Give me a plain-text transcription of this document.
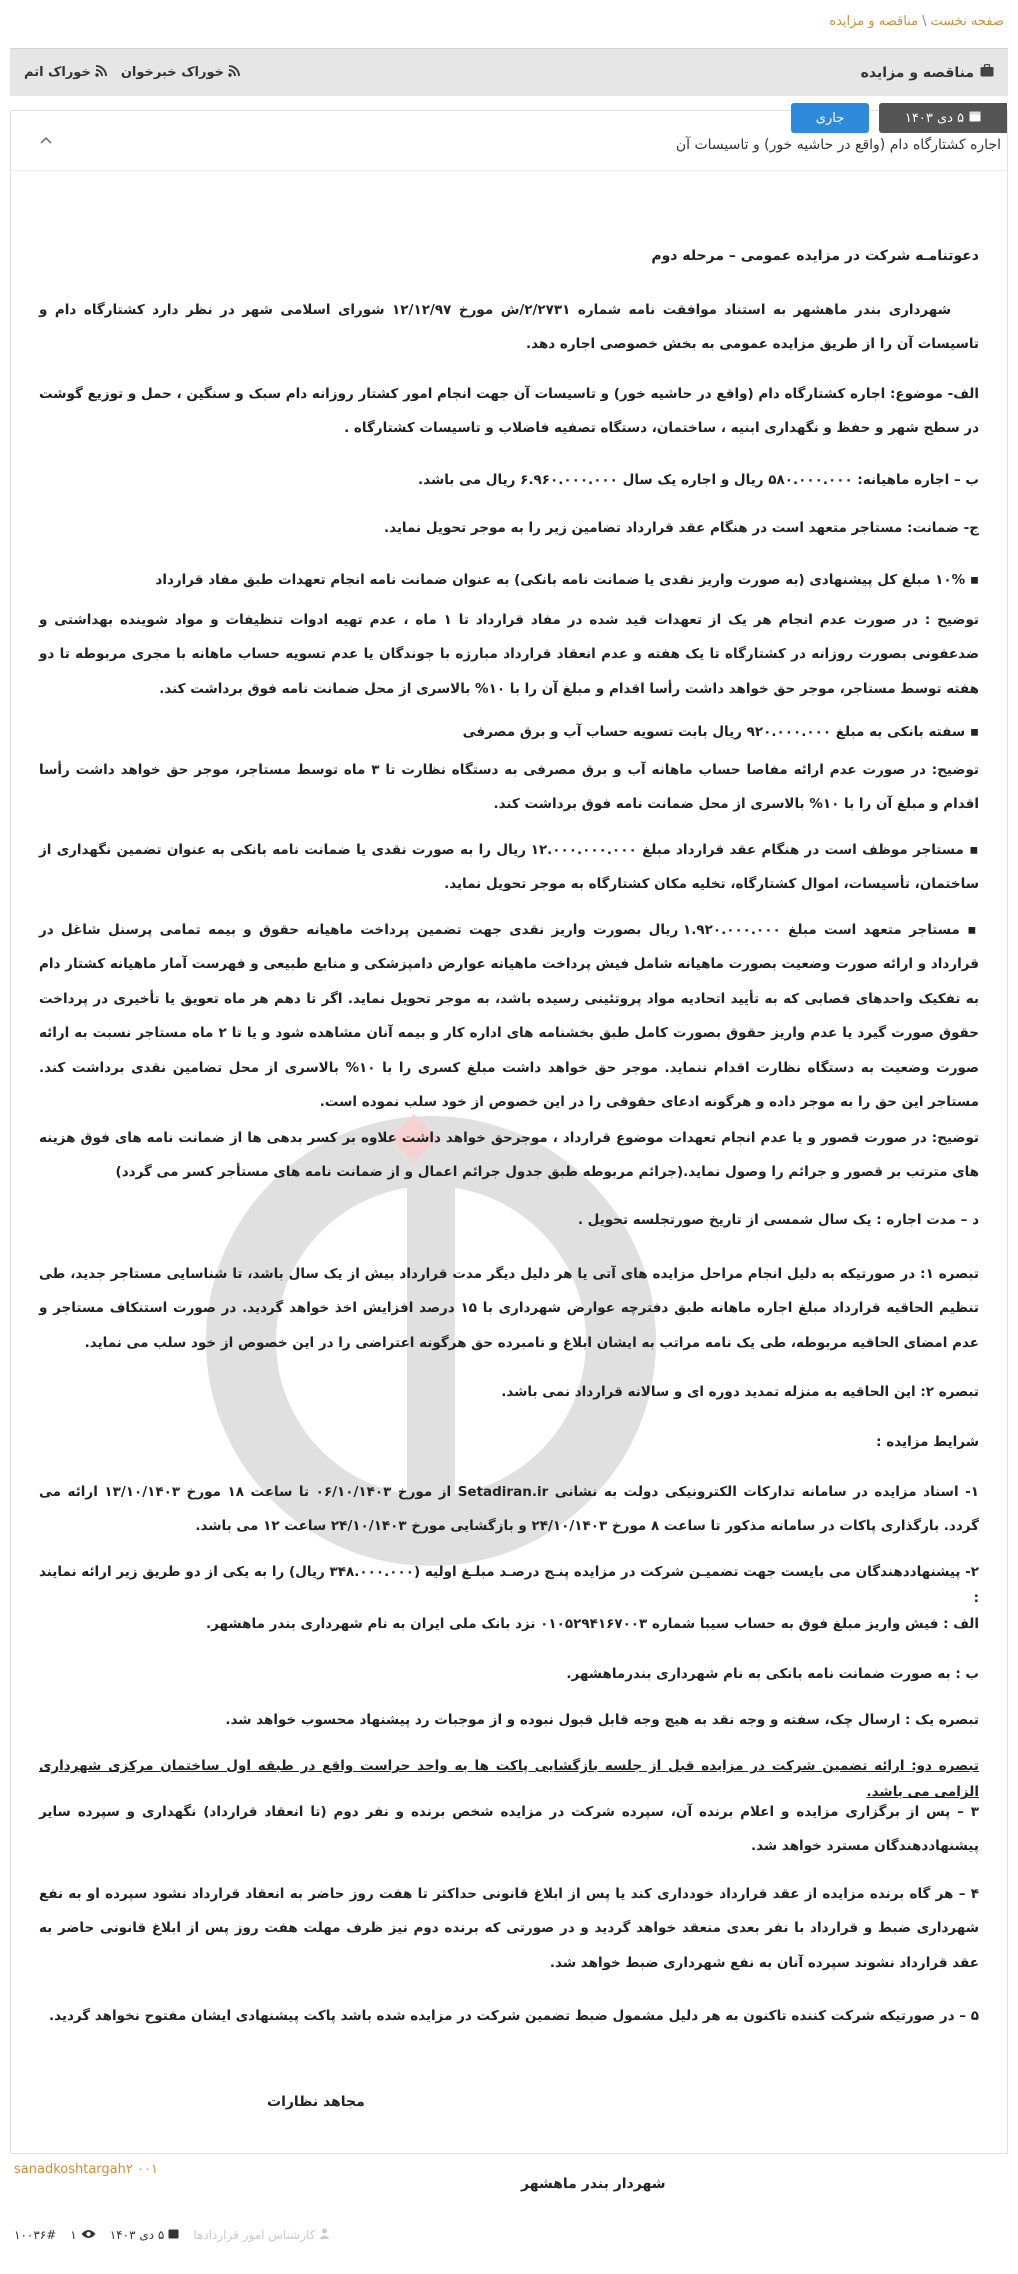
صفحه نخست\مناقصه و مزایده
مناقصه و مزایده
خوراک خبرخوان
خوراک اتم
۵ دی ۱۴۰۳
جاری
اجاره کشتارگاه دام (واقع در حاشیه خور) و تاسیسات آن

دعوتنامـه شرکت در مزایده عمومی – مرحله دوم

شهرداری بندر ماهشهر به استناد موافقت نامه شماره ۲/۲۷۳۱/ش مورخ ۱۲/۱۲/۹۷ شورای اسلامی شهر در نظر دارد کشتارگاه دام و تاسیسات آن را از طریق مزایده عمومی به بخش خصوصی اجاره دهد.

الف- موضوع: اجاره کشتارگاه دام (واقع در حاشیه خور) و تاسیسات آن جهت انجام امور کشتار روزانه دام سبک و سنگین ، حمل و توزیع گوشت در سطح شهر و حفظ و نگهداری ابنیه ، ساختمان، دستگاه تصفیه فاضلاب و تاسیسات کشتارگاه .

ب – اجاره ماهیانه: ۵۸۰.۰۰۰.۰۰۰ ریال و اجاره یک سال ۶.۹۶۰.۰۰۰.۰۰۰ ریال می باشد.

ج- ضمانت: مستاجر متعهد است در هنگام عقد قرارداد تضامین زیر را به موجر تحویل نماید.

▪ ۱۰% مبلغ کل پیشنهادی (به صورت واریز نقدی یا ضمانت نامه بانکی) به عنوان ضمانت نامه انجام تعهدات طبق مفاد قرارداد

توضیح : در صورت عدم انجام هر یک از تعهدات قید شده در مفاد قرارداد تا ۱ ماه ، عدم تهیه ادوات تنظیفات و مواد شوینده بهداشتی و ضدعفونی بصورت روزانه در کشتارگاه تا یک هفته و عدم انعقاد قرارداد مبارزه با جوندگان یا عدم تسویه حساب ماهانه با مجری مربوطه تا دو هفته توسط مستاجر، موجر حق خواهد داشت رأسا اقدام و مبلغ آن را با ۱۰% بالاسری از محل ضمانت نامه فوق برداشت کند.

▪ سفته بانکی به مبلغ ۹۲۰.۰۰۰.۰۰۰ ریال بابت تسویه حساب آب و برق مصرفی

توضیح: در صورت عدم ارائه مفاصا حساب ماهانه آب و برق مصرفی به دستگاه نظارت تا ۳ ماه توسط مستاجر، موجر حق خواهد داشت رأسا اقدام و مبلغ آن را با ۱۰% بالاسری از محل ضمانت نامه فوق برداشت کند.

▪ مستاجر موظف است در هنگام عقد قرارداد مبلغ ۱۲.۰۰۰.۰۰۰.۰۰۰ ریال را به صورت نقدی یا ضمانت نامه بانکی به عنوان تضمین نگهداری از ساختمان، تأسیسات، اموال کشتارگاه، تخلیه مکان کشتارگاه به موجر تحویل نماید.

▪ مستاجر متعهد است مبلغ ۱.۹۲۰.۰۰۰.۰۰۰ ریال بصورت واریز نقدی جهت تضمین پرداخت ماهیانه حقوق و بیمه تمامی پرسنل شاغل در قرارداد و ارائه صورت وضعیت بصورت ماهیانه شامل فیش پرداخت ماهیانه عوارض دامپزشکی و منابع طبیعی و فهرست آمار ماهیانه کشتار دام به تفکیک واحدهای قصابی که به تأیید اتحادیه مواد پروتئینی رسیده باشد، به موجر تحویل نماید. اگر تا دهم هر ماه تعویق یا تأخیری در پرداخت حقوق صورت گیرد یا عدم واریز حقوق بصورت کامل طبق بخشنامه های اداره کار و بیمه آنان مشاهده شود و یا تا ۲ ماه مستاجر نسبت به ارائه صورت وضعیت به دستگاه نظارت اقدام ننماید. موجر حق خواهد داشت مبلغ کسری را با ۱۰% بالاسری از محل تضامین نقدی برداشت کند. مستاجر این حق را به موجر داده و هرگونه ادعای حقوقی را در این خصوص از خود سلب نموده است.

توضیح: در صورت قصور و یا عدم انجام تعهدات موضوع قرارداد ، موجرحق خواهد داشت علاوه بر کسر بدهی ها از ضمانت نامه های فوق هزینه های مترتب بر قصور و جرائم را وصول نماید.(جرائم مربوطه طبق جدول جرائم اعمال و از ضمانت نامه های مستأجر کسر می گردد)

د – مدت اجاره : یک سال شمسی از تاریخ صورتجلسه تحویل .

تبصره ۱: در صورتیکه به دلیل انجام مراحل مزایده های آتی یا هر دلیل دیگر مدت قرارداد بیش از یک سال باشد، تا شناسایی مستاجر جدید، طی تنظیم الحاقیه قرارداد مبلغ اجاره ماهانه طبق دفترچه عوارض شهرداری با ۱۵ درصد افزایش اخذ خواهد گردید. در صورت استنکاف مستاجر و عدم امضای الحاقیه مربوطه، طی یک نامه مراتب به ایشان ابلاغ و نامبرده حق هرگونه اعتراضی را در این خصوص از خود سلب می نماید.

تبصره ۲: این الحاقیه به منزله تمدید دوره ای و سالانه قرارداد نمی باشد.

شرایط مزایده :

۱- اسناد مزایده در سامانه تدارکات الکترونیکی دولت به نشانی Setadiran.ir از مورخ ۰۶/۱۰/۱۴۰۳ تا ساعت ۱۸ مورخ ۱۳/۱۰/۱۴۰۳ ارائه می گردد. بارگذاری پاکات در سامانه مذکور تا ساعت ۸ مورخ ۲۴/۱۰/۱۴۰۳ و بازگشایی مورخ ۲۴/۱۰/۱۴۰۳ ساعت ۱۲ می باشد.

۲- پیشنهاددهندگان می بایست جهت تضمیـن شرکت در مزایده پنـج درصـد مبلـغ اولیه (۳۴۸.۰۰۰.۰۰۰ ریال) را به یکی از دو طریق زیر ارائه نمایند :

الف : فیش واریز مبلغ فوق به حساب سیبا شماره ۰۱۰۵۲۹۴۱۶۷۰۰۳ نزد بانک ملی ایران به نام شهرداری بندر ماهشهر.

ب : به صورت ضمانت نامه بانکی به نام شهرداری بندرماهشهر.

تبصره یک : ارسال چک، سفته و وجه نقد به هیچ وجه قابل قبول نبوده و از موجبات رد پیشنهاد محسوب خواهد شد.

تبصره دو: ارائه تضمین شرکت در مزایده قبل از جلسه بازگشایی پاکت ها به واحد حراست واقع در طبقه اول ساختمان مرکزی شهرداری الزامی می باشد.

۳ – پس از برگزاری مزایده و اعلام برنده آن، سپرده شرکت در مزایده شخص برنده و نفر دوم (تا انعقاد قرارداد) نگهداری و سپرده سایر پیشنهاددهندگان مسترد خواهد شد.

۴ – هر گاه برنده مزایده از عقد قرارداد خودداری کند یا پس از ابلاغ قانونی حداکثر تا هفت روز حاضر به انعقاد قرارداد نشود سپرده او به نفع شهرداری ضبط و قرارداد با نفر بعدی منعقد خواهد گردید و در صورتی که برنده دوم نیز ظرف مهلت هفت روز پس از ابلاغ قانونی حاضر به عقد قرارداد نشوند سپرده آنان به نفع شهرداری ضبط خواهد شد.

۵ – در صورتیکه شرکت کننده تاکنون به هر دلیل مشمول ضبط تضمین شرکت در مزایده شده باشد پاکت پیشنهادی ایشان مفتوح نخواهد گردید.

مجاهد نظارات

شهردار بندر ماهشهر

sanadkoshtargah۲ ۰۰۱
کارشناس امور قراردادها
۵ دی ۱۴۰۳
۱
۱۰۰۳۶#
